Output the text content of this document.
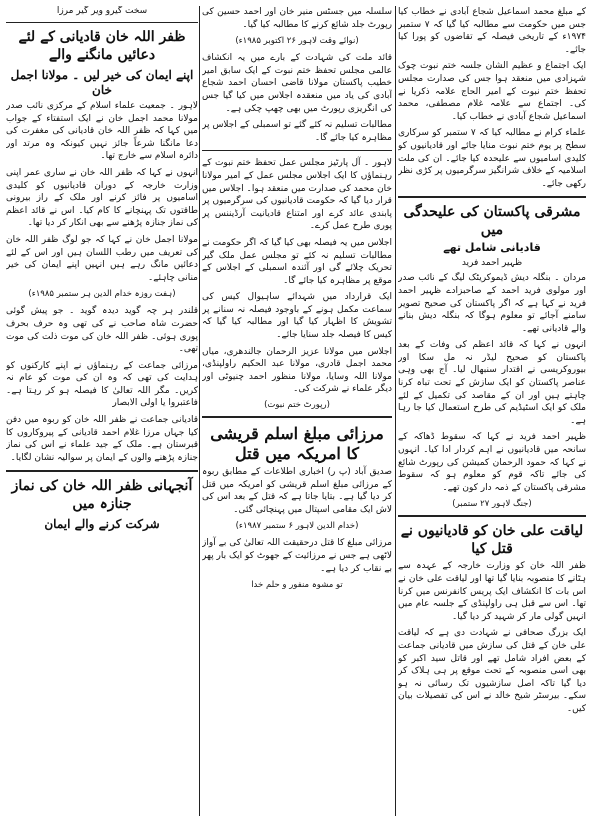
کے مبلغ محمد اسماعیل شجاع آبادی نے خطاب کیا جس میں حکومت سے مطالبہ کیا گیا کہ ۷ ستمبر ۱۹۷۴ء کے تاریخی فیصلہ کے تقاضوں کو پورا کیا جائے۔

ایک اجتماع و عظیم الشان جلسہ ختم نبوت چوک شہزادی میں منعقد ہوا جس کی صدارت مجلس تحفظ ختم نبوت کے امیر الحاج علامہ ذکریا نے کی۔ اجتماع سے علامہ غلام مصطفی، محمد اسماعیل شجاع آبادی نے خطاب کیا۔

علماء کرام نے مطالبہ کیا کہ ۷ ستمبر کو سرکاری سطح پر یوم ختم نبوت منایا جائے اور قادیانیوں کو کلیدی اسامیوں سے علیحدہ کیا جائے۔ ان کی ملت اسلامیہ کے خلاف شرانگیز سرگرمیوں پر کڑی نظر رکھی جائے۔

مشرقی پاکستان کی علیحدگی میں
قادیانی شامل تھے
ظہیر احمد فرید

مردان ۔ بنگلہ دیش ڈیموکریٹک لیگ کے نائب صدر اور مولوی فرید احمد کے صاحبزادے ظہیر احمد فرید نے کہا ہے کہ اگر پاکستان کی صحیح تصویر سامنے آجائے تو معلوم ہوگا کہ بنگلہ دیش بنانے والے قادیانی تھے۔

انہوں نے کہا کہ قائد اعظم کی وفات کے بعد پاکستان کو صحیح لیڈر نہ مل سکا اور بیوروکریسی نے اقتدار سنبھال لیا۔ آج بھی وہی عناصر پاکستان کو ایک سازش کے تحت تباہ کرنا چاہتے ہیں اور ان کے مقاصد کی تکمیل کے لئے ملک کو ایک اسٹیڈیم کی طرح استعمال کیا جا رہا ہے۔

ظہیر احمد فرید نے کہا کہ سقوط ڈھاکہ کے سانحہ میں قادیانیوں نے اہم کردار ادا کیا۔ انہوں نے کہا کہ حمود الرحمان کمیشن کی رپورٹ شائع کی جائے تاکہ قوم کو معلوم ہو کہ سقوط مشرقی پاکستان کے ذمہ دار کون تھے۔

(جنگ لاہور ۲۷ ستمبر)
لیاقت علی خان کو قادیانیوں نے قتل کیا

ظفر اللہ خان کو وزارت خارجہ کے عہدہ سے ہٹانے کا منصوبہ بنایا گیا تھا اور لیاقت علی خان نے اس بات کا انکشاف ایک پریس کانفرنس میں کرنا تھا۔ اس سے قبل ہی راولپنڈی کے جلسہ عام میں انہیں گولی مار کر شہید کر دیا گیا۔

ایک بزرگ صحافی نے شہادت دی ہے کہ لیاقت علی خان کے قتل کی سازش میں قادیانی جماعت کے بعض افراد شامل تھے اور قاتل سید اکبر کو بھی اسی منصوبہ کے تحت موقع پر ہی ہلاک کر دیا گیا تاکہ اصل سازشیوں تک رسائی نہ ہو سکے۔ بیرسٹر شیخ خالد نے اس کی تفصیلات بیان کیں۔

سلسلہ میں جسٹس منیر خان اور احمد حسین کی رپورٹ جلد شائع کرنے کا مطالبہ کیا گیا۔

(نوائے وقت لاہور ۲۶ اکتوبر ۱۹۸۵ء)

قائد ملت کی شہادت کے بارے میں یہ انکشاف عالمی مجلس تحفظ ختم نبوت کے ایک سابق امیر خطیب پاکستان مولانا قاضی احسان احمد شجاع آبادی کی یاد میں منعقدہ اجلاس میں کیا گیا جس کی انگریزی رپورٹ میں بھی چھپ چکی ہے۔

مطالبات تسلیم نہ کئے گئے تو اسمبلی کے اجلاس پر مظاہرہ کیا جائے گا۔

لاہور ۔ آل پارٹیز مجلس عمل تحفظ ختم نبوت کے رہنماؤں کا ایک اجلاس مجلس عمل کے امیر مولانا خان محمد کی صدارت میں منعقد ہوا۔ اجلاس میں قرار دیا گیا کہ حکومت قادیانیوں کی سرگرمیوں پر پابندی عائد کرے اور امتناع قادیانیت آرڈیننس پر پوری طرح عمل کرے۔

اجلاس میں یہ فیصلہ بھی کیا گیا کہ اگر حکومت نے مطالبات تسلیم نہ کئے تو مجلس عمل ملک گیر تحریک چلائے گی اور آئندہ اسمبلی کے اجلاس کے موقع پر مظاہرہ کیا جائے گا۔

ایک قرارداد میں شہدائے ساہیوال کیس کی سماعت مکمل ہونے کے باوجود فیصلہ نہ سنانے پر تشویش کا اظہار کیا گیا اور مطالبہ کیا گیا کہ کیس کا فیصلہ جلد سنایا جائے۔

اجلاس میں مولانا عزیز الرحمان جالندھری، میاں محمد اجمل قادری، مولانا عبد الحکیم راولپنڈی، مولانا اللہ وسایا، مولانا منظور احمد چنیوٹی اور دیگر علماء نے شرکت کی۔

(رپورٹ ختم نبوت)
مرزائی مبلغ اسلم قریشی کا امریکہ میں قتل

صدیق آباد (پ ر) اخباری اطلاعات کے مطابق ربوہ کے مرزائی مبلغ اسلم قریشی کو امریکہ میں قتل کر دیا گیا ہے۔ بتایا جاتا ہے کہ قتل کے بعد اس کی لاش ایک مقامی اسپتال میں پہنچائی گئی۔

(خدام الدین لاہور ۶ ستمبر ۱۹۸۷ء)

مرزائی مبلغ کا قتل درحقیقت اللہ تعالیٰ کی بے آواز لاٹھی ہے جس نے مرزائیت کے جھوٹ کو ایک بار پھر بے نقاب کر دیا ہے۔

تو مشوہ منفور و حلم خدا
سخت گیرو ویر گیر مرزا
ظفر اللہ خان قادیانی کے لئے دعائیں مانگنے والے
اپنے ایمان کی خیر لیں ۔ مولانا اجمل خان

لاہور ۔ جمعیت علماء اسلام کے مرکزی نائب صدر مولانا محمد اجمل خان نے ایک استفتاء کے جواب میں کہا کہ ظفر اللہ خان قادیانی کی مغفرت کی دعا مانگنا شرعاً جائز نہیں کیونکہ وہ مرتد اور دائرہ اسلام سے خارج تھا۔

انہوں نے کہا کہ ظفر اللہ خان نے ساری عمر اپنی وزارت خارجہ کے دوران قادیانیوں کو کلیدی اسامیوں پر فائز کرنے اور ملک کے راز بیرونی طاقتوں تک پہنچانے کا کام کیا۔ اس نے قائد اعظم کی نماز جنازہ پڑھنے سے بھی انکار کر دیا تھا۔

مولانا اجمل خان نے کہا کہ جو لوگ ظفر اللہ خان کی تعریف میں رطب اللسان ہیں اور اس کے لئے دعائیں مانگ رہے ہیں انہیں اپنے ایمان کی خیر منانی چاہئے۔

(ہفت روزہ خدام الدین ہر ستمبر ۱۹۸۵ء)

قلندر ہر چہ گوید دیدہ گوید ۔ جو پیش گوئی حضرت شاہ صاحب نے کی تھی وہ حرف بحرف پوری ہوئی۔ ظفر اللہ خان کی موت ذلت کی موت تھی۔

مرزائی جماعت کے رہنماؤں نے اپنے کارکنوں کو ہدایت کی تھی کہ وہ ان کی موت کو عام نہ کریں۔ مگر اللہ تعالیٰ کا فیصلہ ہو کر رہتا ہے۔ فاعتبروا یا اولی الابصار

قادیانی جماعت نے ظفر اللہ خان کو ربوہ میں دفن کیا جہاں مرزا غلام احمد قادیانی کے پیروکاروں کا قبرستان ہے۔ ملک کے جید علماء نے اس کی نماز جنازہ پڑھنے والوں کے ایمان پر سوالیہ نشان لگایا۔

آنجہانی ظفر اللہ خان کی نماز جنازہ میں
شرکت کرنے والے ایمان
